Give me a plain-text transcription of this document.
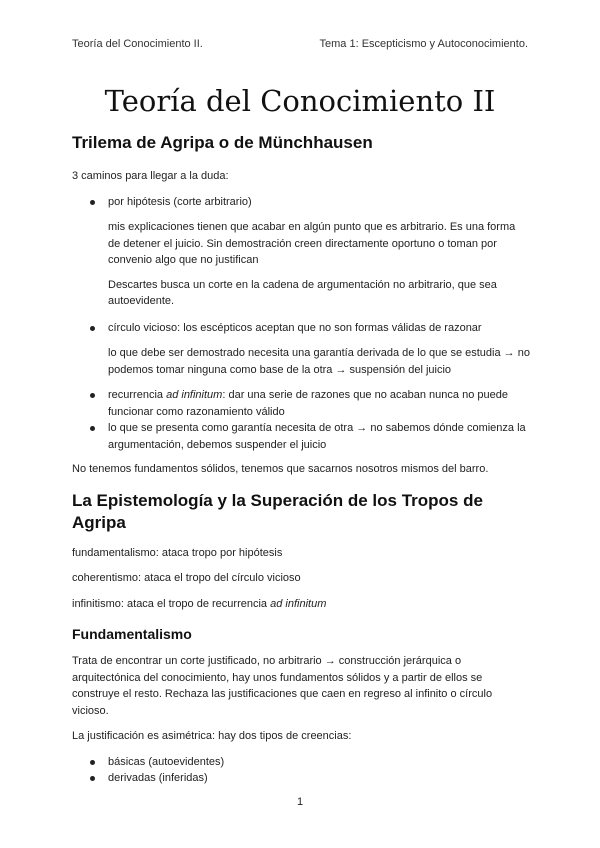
Teoría del Conocimiento II.	Tema 1: Escepticismo y Autoconocimiento.
Teoría del Conocimiento II
Trilema de Agripa o de Münchhausen

3 caminos para llegar a la duda:

por hipótesis (corte arbitrario)

mis explicaciones tienen que acabar en algún punto que es arbitrario. Es una forma de detener el juicio. Sin demostración creen directamente oportuno o toman por convenio algo que no justifican

Descartes busca un corte en la cadena de argumentación no arbitrario, que sea autoevidente.

círculo vicioso: los escépticos aceptan que no son formas válidas de razonar

lo que debe ser demostrado necesita una garantía derivada de lo que se estudia → no podemos tomar ninguna como base de la otra → suspensión del juicio

recurrencia ad infinitum: dar una serie de razones que no acaban nunca no puede funcionar como razonamiento válido

lo que se presenta como garantía necesita de otra → no sabemos dónde comienza la argumentación, debemos suspender el juicio

No tenemos fundamentos sólidos, tenemos que sacarnos nosotros mismos del barro.

La Epistemología y la Superación de los Tropos de Agripa

fundamentalismo: ataca tropo por hipótesis

coherentismo: ataca el tropo del círculo vicioso

infinitismo: ataca el tropo de recurrencia ad infinitum

Fundamentalismo

Trata de encontrar un corte justificado, no arbitrario → construcción jerárquica o arquitectónica del conocimiento, hay unos fundamentos sólidos y a partir de ellos se construye el resto. Rechaza las justificaciones que caen en regreso al infinito o círculo vicioso.

La justificación es asimétrica: hay dos tipos de creencias:

básicas (autoevidentes)

derivadas (inferidas)

1
